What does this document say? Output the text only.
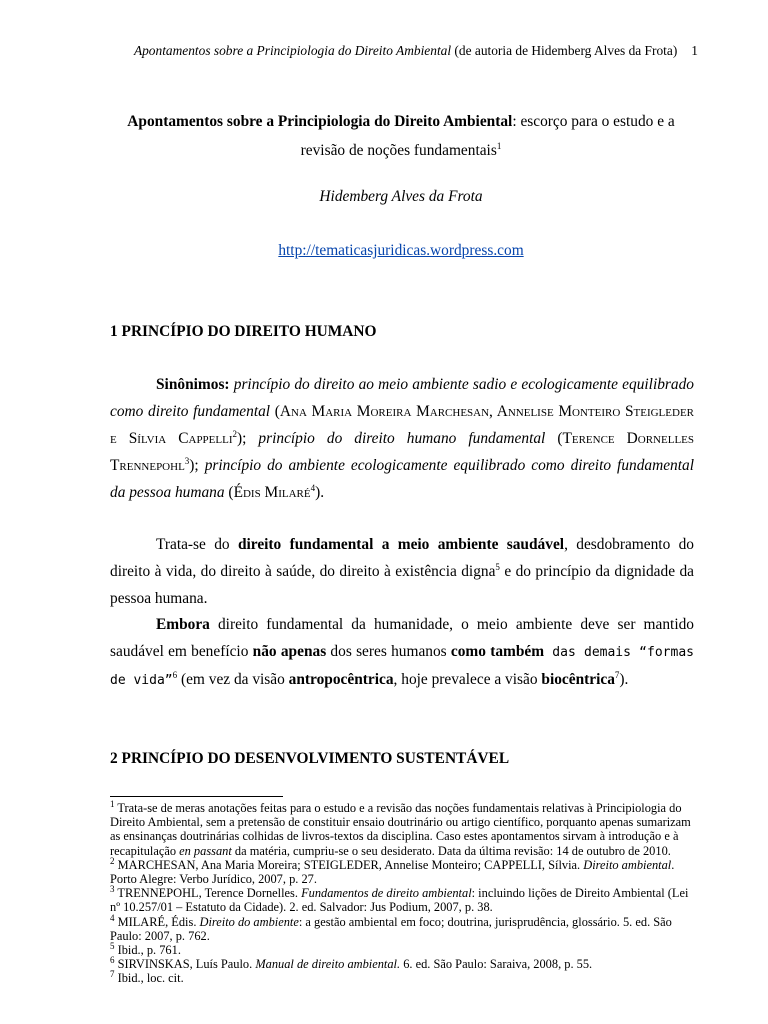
Apontamentos sobre a Principiologia do Direito Ambiental (de autoria de Hidemberg Alves da Frota) 1
Apontamentos sobre a Principiologia do Direito Ambiental: escorço para o estudo e a revisão de noções fundamentais$^1$
Hidemberg Alves da Frota
http://tematicasjuridicas.wordpress.com
1 PRINCÍPIO DO DIREITO HUMANO
Sinônimos: princípio do direito ao meio ambiente sadio e ecologicamente equilibrado como direito fundamental (Ana Maria Moreira Marchesan, Annelise Monteiro Steigleder e Sílvia Cappelli$^2$); princípio do direito humano fundamental (Terence Dornelles Trennepohl$^3$); princípio do ambiente ecologicamente equilibrado como direito fundamental da pessoa humana (Édis Milaré$^4$).
Trata-se do direito fundamental a meio ambiente saudável, desdobramento do direito à vida, do direito à saúde, do direito à existência digna$^5$ e do princípio da dignidade da pessoa humana.
Embora direito fundamental da humanidade, o meio ambiente deve ser mantido saudável em benefício não apenas dos seres humanos como também das demais “formas de vida”$^6$ (em vez da visão antropocêntrica, hoje prevalece a visão biocêntrica$^7$).
2 PRINCÍPIO DO DESENVOLVIMENTO SUSTENTÁVEL

$^1$ Trata-se de meras anotações feitas para o estudo e a revisão das noções fundamentais relativas à Principiologia do Direito Ambiental, sem a pretensão de constituir ensaio doutrinário ou artigo científico, porquanto apenas sumarizam as ensinanças doutrinárias colhidas de livros-textos da disciplina. Caso estes apontamentos sirvam à introdução e à recapitulação en passant da matéria, cumpriu-se o seu desiderato. Data da última revisão: 14 de outubro de 2010.

$^2$ MARCHESAN, Ana Maria Moreira; STEIGLEDER, Annelise Monteiro; CAPPELLI, Sílvia. Direito ambiental. Porto Alegre: Verbo Jurídico, 2007, p. 27.

$^3$ TRENNEPOHL, Terence Dornelles. Fundamentos de direito ambiental: incluindo lições de Direito Ambiental (Lei nº 10.257/01 – Estatuto da Cidade). 2. ed. Salvador: Jus Podium, 2007, p. 38.

$^4$ MILARÉ, Édis. Direito do ambiente: a gestão ambiental em foco; doutrina, jurisprudência, glossário. 5. ed. São Paulo: 2007, p. 762.

$^5$ Ibid., p. 761.

$^6$ SIRVINSKAS, Luís Paulo. Manual de direito ambiental. 6. ed. São Paulo: Saraiva, 2008, p. 55.

$^7$ Ibid., loc. cit.
